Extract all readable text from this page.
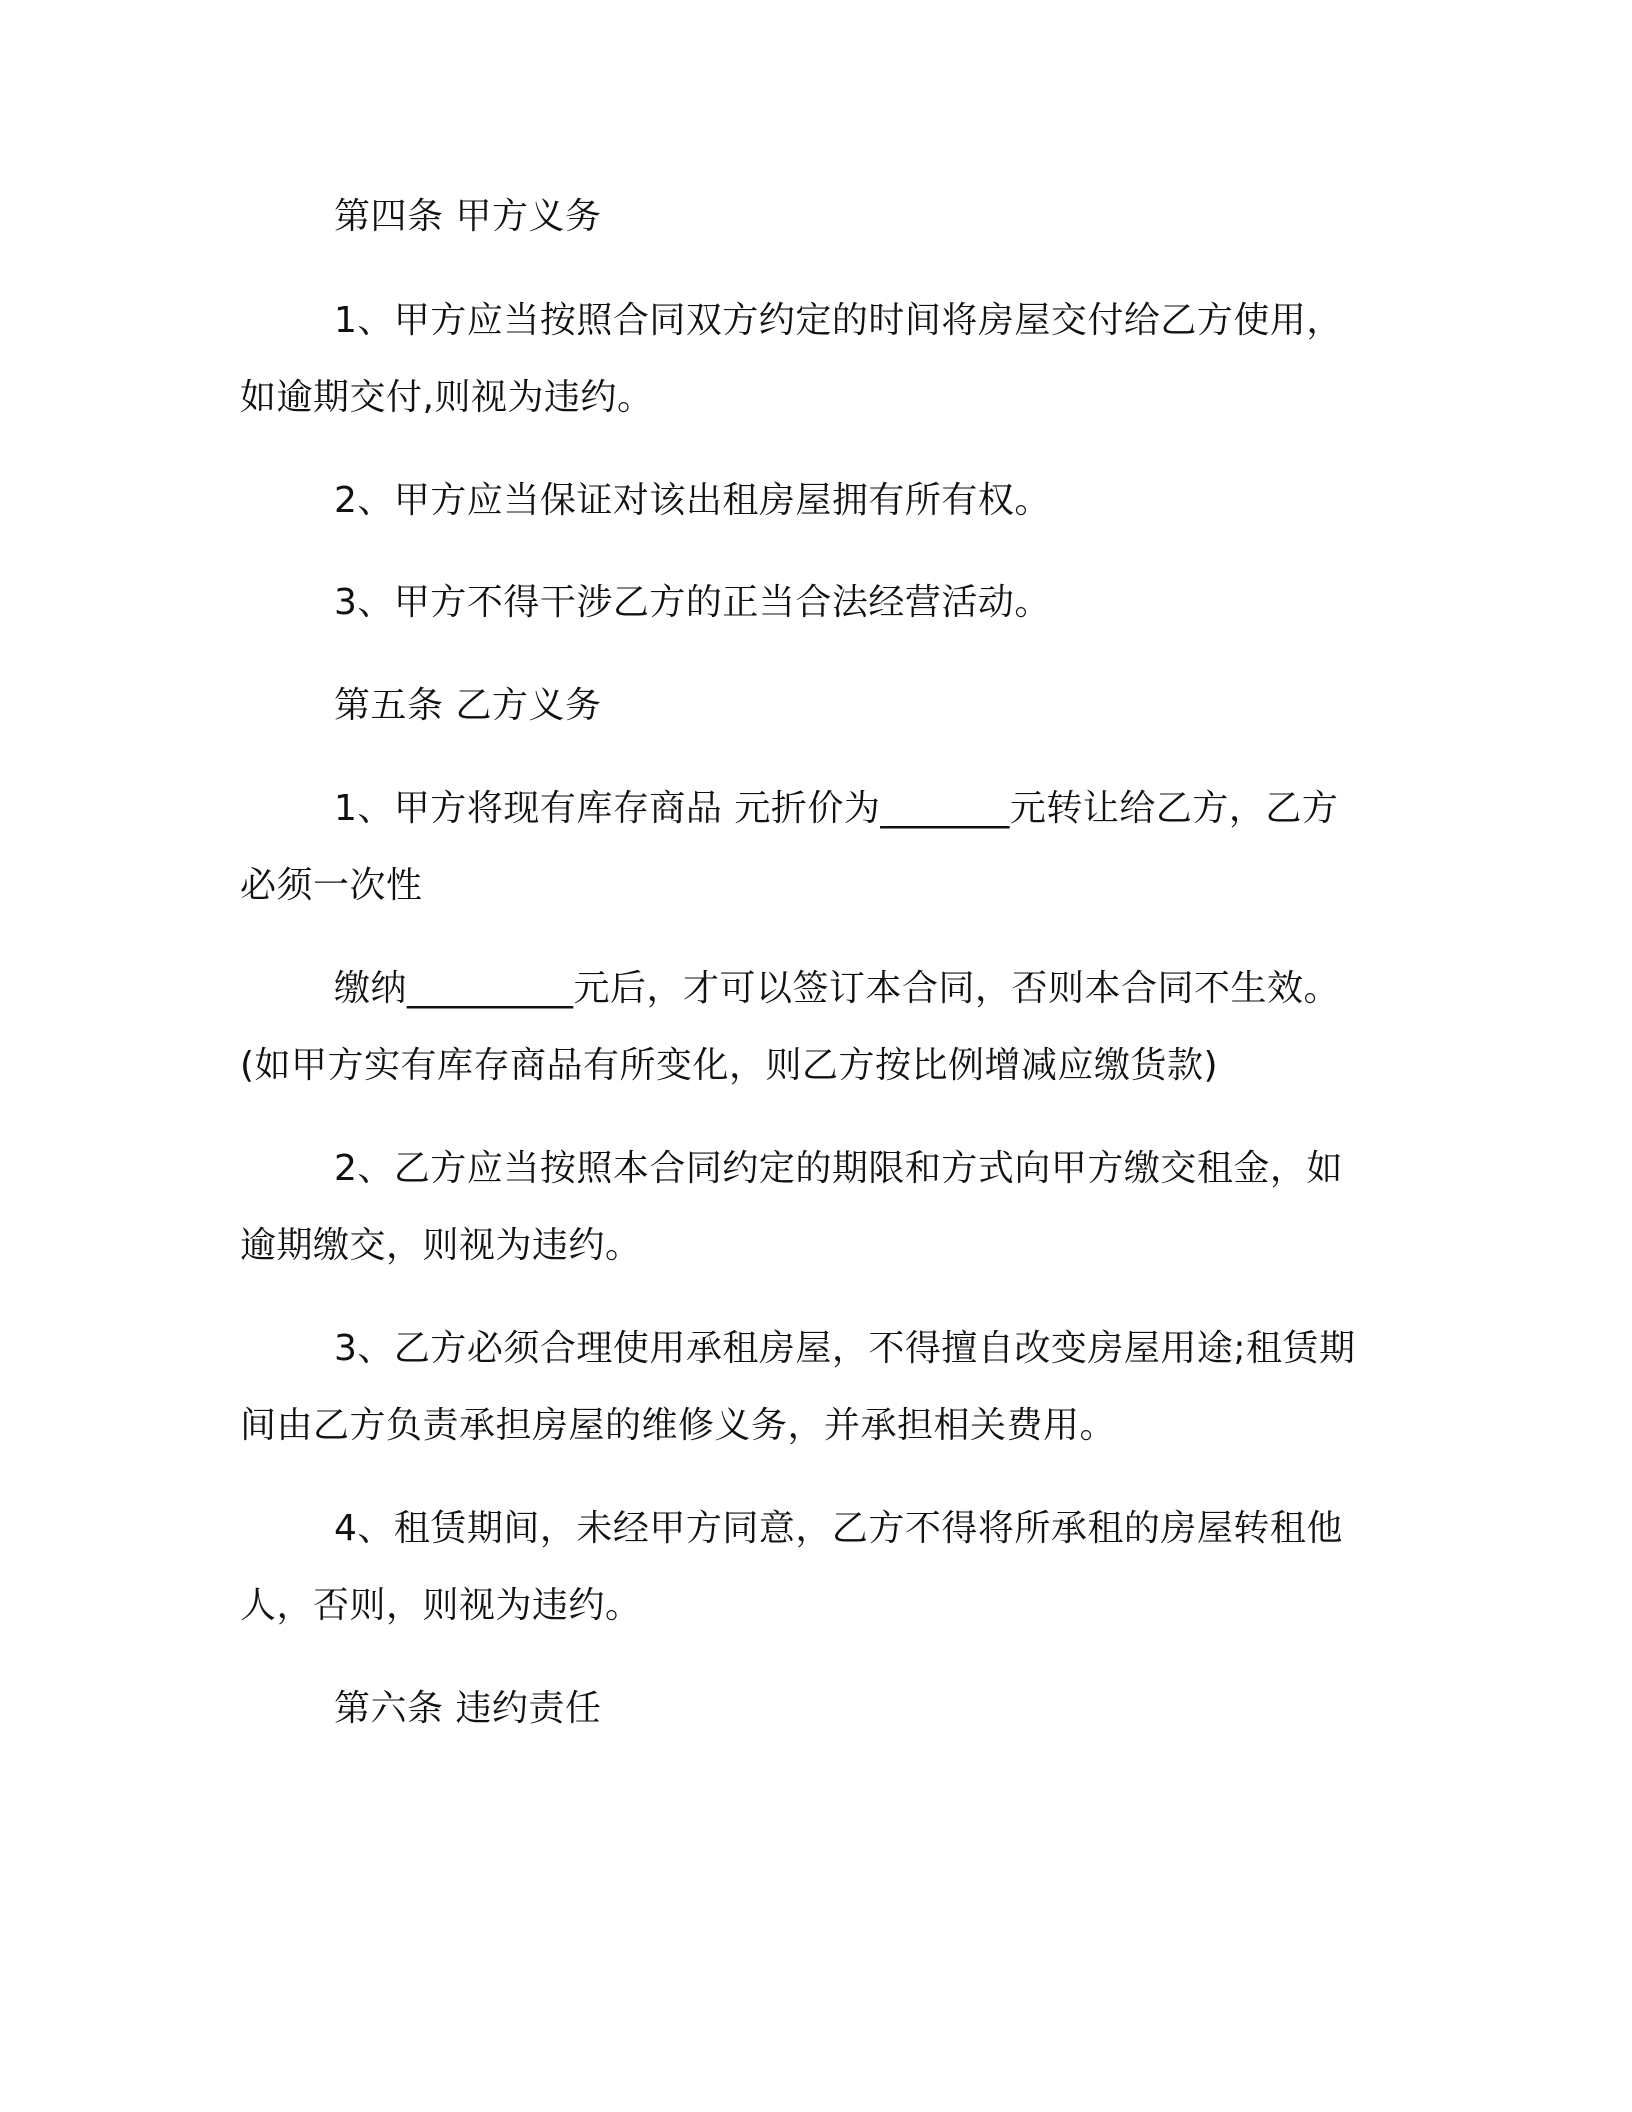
第四条 甲方义务
1、甲方应当按照合同双方约定的时间将房屋交付给乙方使用，
如逾期交付,则视为违约。
2、甲方应当保证对该出租房屋拥有所有权。
3、甲方不得干涉乙方的正当合法经营活动。
第五条 乙方义务
1、甲方将现有库存商品 元折价为_______元转让给乙方，乙方
必须一次性
缴纳_________元后，才可以签订本合同，否则本合同不生效。
(如甲方实有库存商品有所变化，则乙方按比例增减应缴货款)
2、乙方应当按照本合同约定的期限和方式向甲方缴交租金，如
逾期缴交，则视为违约。
3、乙方必须合理使用承租房屋，不得擅自改变房屋用途;租赁期
间由乙方负责承担房屋的维修义务，并承担相关费用。
4、租赁期间，未经甲方同意，乙方不得将所承租的房屋转租他
人，否则，则视为违约。
第六条 违约责任
